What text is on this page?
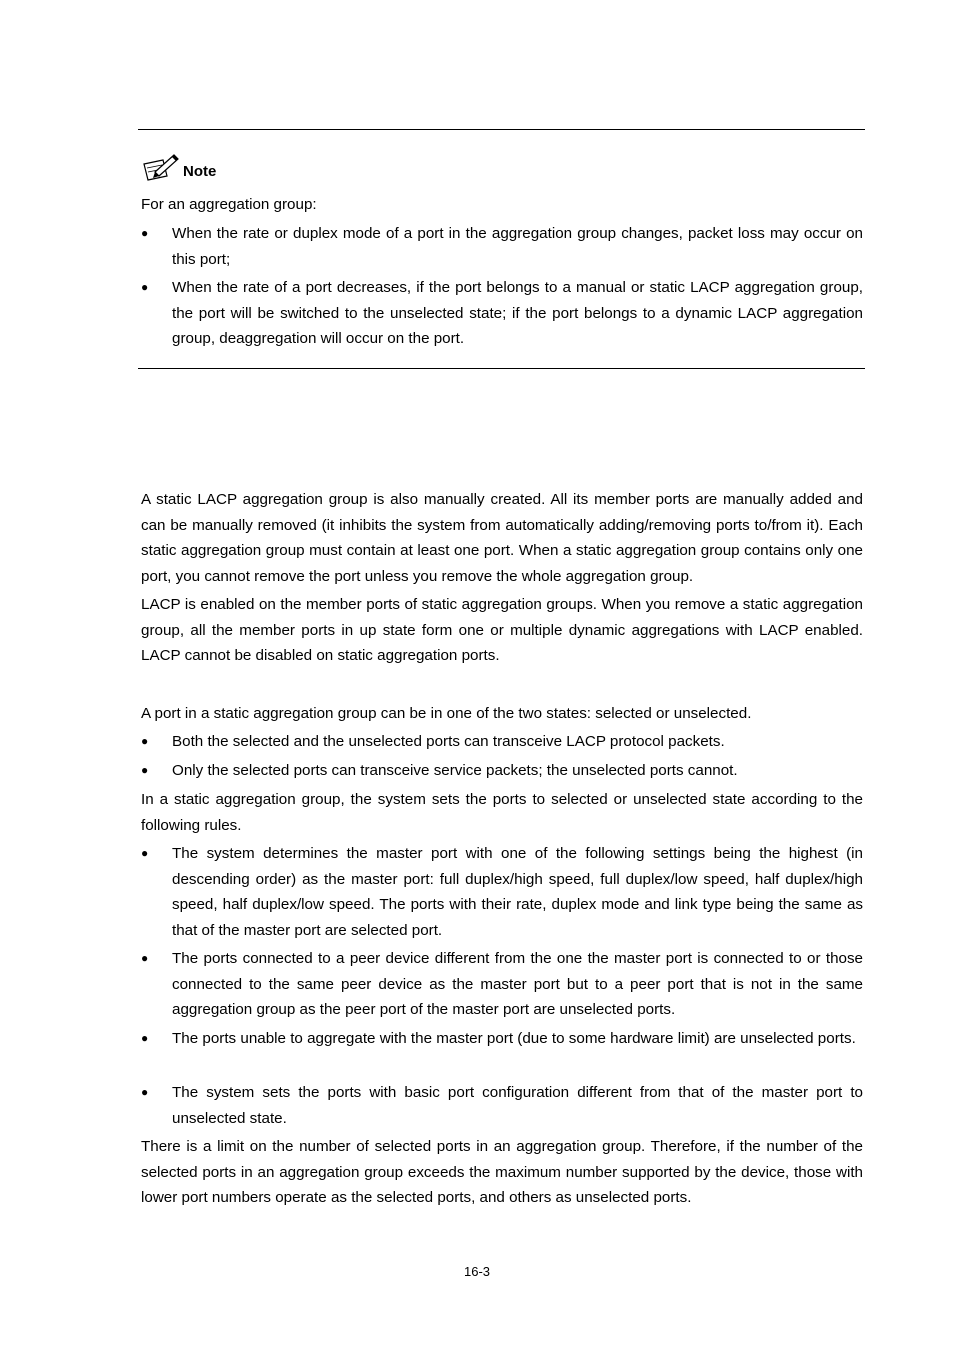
Note

For an aggregation group:

●	When the rate or duplex mode of a port in the aggregation group changes, packet loss may occur on this port;
●	When the rate of a port decreases, if the port belongs to a manual or static LACP aggregation group, the port will be switched to the unselected state; if the port belongs to a dynamic LACP aggregation group, deaggregation will occur on the port.

A static LACP aggregation group is also manually created. All its member ports are manually added and can be manually removed (it inhibits the system from automatically adding/removing ports to/from it). Each static aggregation group must contain at least one port. When a static aggregation group contains only one port, you cannot remove the port unless you remove the whole aggregation group.

LACP is enabled on the member ports of static aggregation groups. When you remove a static aggregation group, all the member ports in up state form one or multiple dynamic aggregations with LACP enabled. LACP cannot be disabled on static aggregation ports.

A port in a static aggregation group can be in one of the two states: selected or unselected.

●	Both the selected and the unselected ports can transceive LACP protocol packets.
●	Only the selected ports can transceive service packets; the unselected ports cannot.

In a static aggregation group, the system sets the ports to selected or unselected state according to the following rules.

●	The system determines the master port with one of the following settings being the highest (in descending order) as the master port: full duplex/high speed, full duplex/low speed, half duplex/high speed, half duplex/low speed. The ports with their rate, duplex mode and link type being the same as that of the master port are selected port.
●	The ports connected to a peer device different from the one the master port is connected to or those connected to the same peer device as the master port but to a peer port that is not in the same aggregation group as the peer port of the master port are unselected ports.
●	The ports unable to aggregate with the master port (due to some hardware limit) are unselected ports.
●	The system sets the ports with basic port configuration different from that of the master port to unselected state.

There is a limit on the number of selected ports in an aggregation group. Therefore, if the number of the selected ports in an aggregation group exceeds the maximum number supported by the device, those with lower port numbers operate as the selected ports, and others as unselected ports.

16-3
